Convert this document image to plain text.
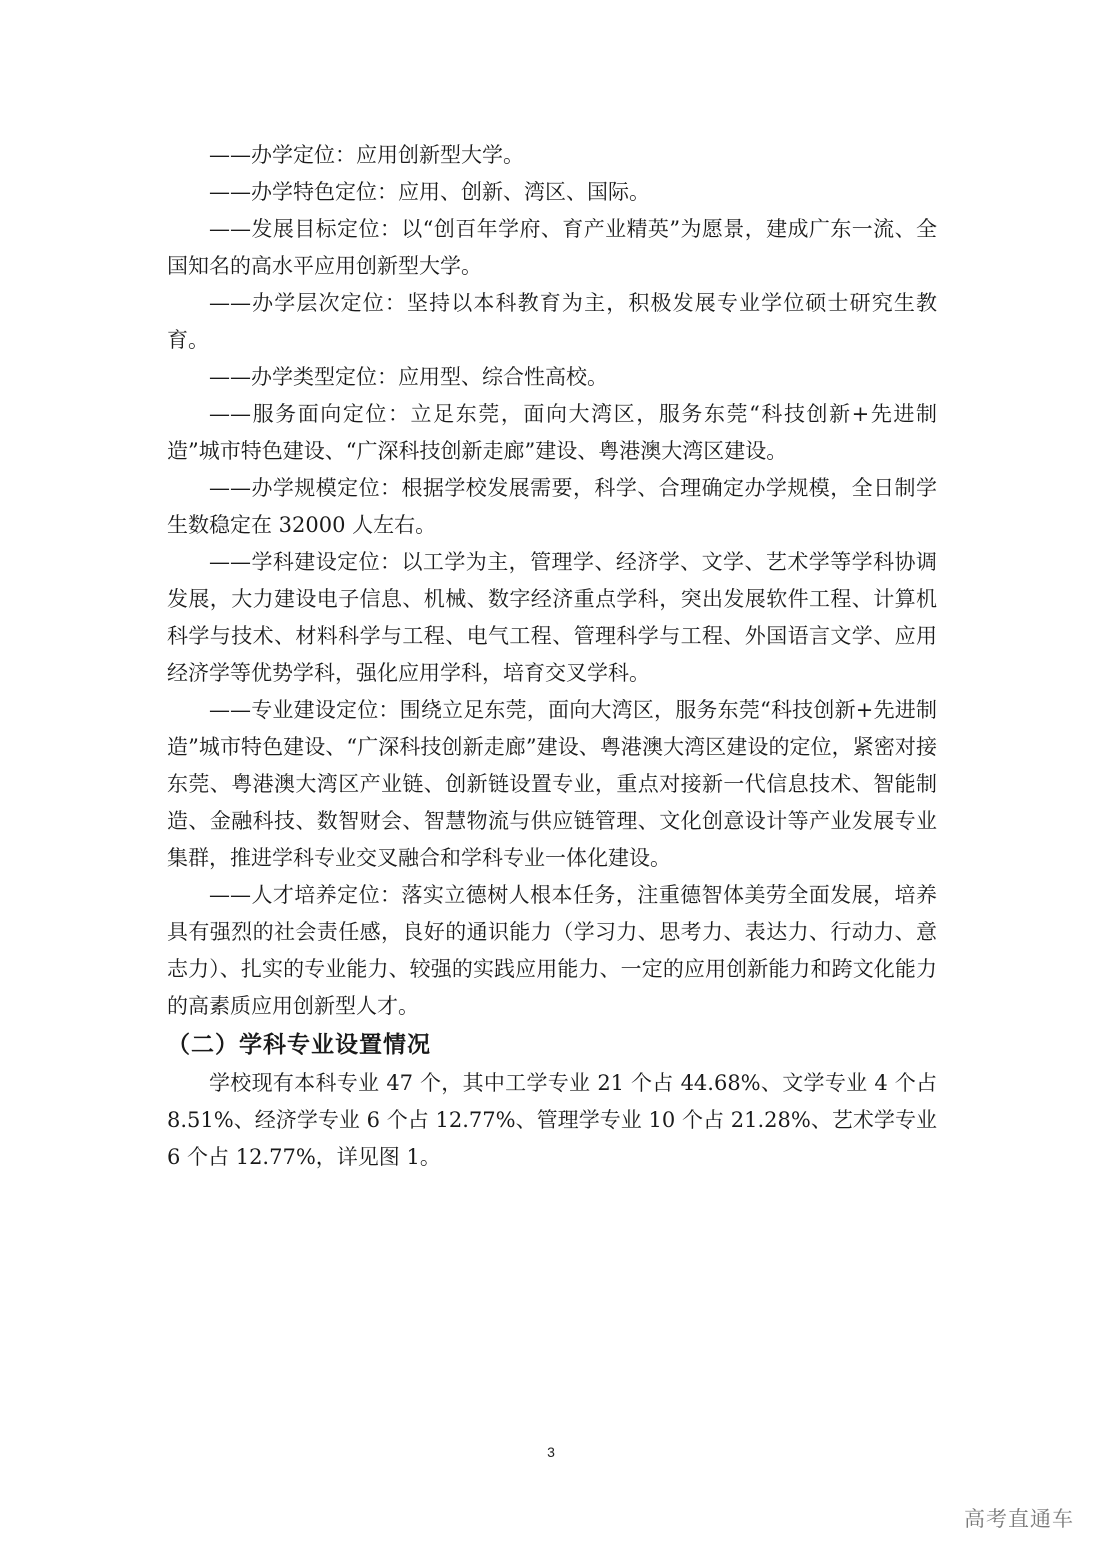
——办学定位：应用创新型大学。

——办学特色定位：应用、创新、湾区、国际。

——发展目标定位：以“创百年学府、育产业精英”为愿景，建成广东一流、全国知名的高水平应用创新型大学。

——办学层次定位：坚持以本科教育为主，积极发展专业学位硕士研究生教育。

——办学类型定位：应用型、综合性高校。

——服务面向定位：立足东莞，面向大湾区，服务东莞“科技创新+先进制造”城市特色建设、“广深科技创新走廊”建设、粤港澳大湾区建设。

——办学规模定位：根据学校发展需要，科学、合理确定办学规模，全日制学生数稳定在 32000 人左右。

——学科建设定位：以工学为主，管理学、经济学、文学、艺术学等学科协调发展，大力建设电子信息、机械、数字经济重点学科，突出发展软件工程、计算机科学与技术、材料科学与工程、电气工程、管理科学与工程、外国语言文学、应用经济学等优势学科，强化应用学科，培育交叉学科。

——专业建设定位：围绕立足东莞，面向大湾区，服务东莞“科技创新+先进制造”城市特色建设、“广深科技创新走廊”建设、粤港澳大湾区建设的定位，紧密对接东莞、粤港澳大湾区产业链、创新链设置专业，重点对接新一代信息技术、智能制造、金融科技、数智财会、智慧物流与供应链管理、文化创意设计等产业发展专业集群，推进学科专业交叉融合和学科专业一体化建设。

——人才培养定位：落实立德树人根本任务，注重德智体美劳全面发展，培养具有强烈的社会责任感，良好的通识能力（学习力、思考力、表达力、行动力、意志力）、扎实的专业能力、较强的实践应用能力、一定的应用创新能力和跨文化能力的高素质应用创新型人才。

（二）学科专业设置情况

学校现有本科专业 47 个，其中工学专业 21 个占 44.68%、文学专业 4 个占 8.51%、经济学专业 6 个占 12.77%、管理学专业 10 个占 21.28%、艺术学专业 6 个占 12.77%，详见图 1。

3
高考直通车
